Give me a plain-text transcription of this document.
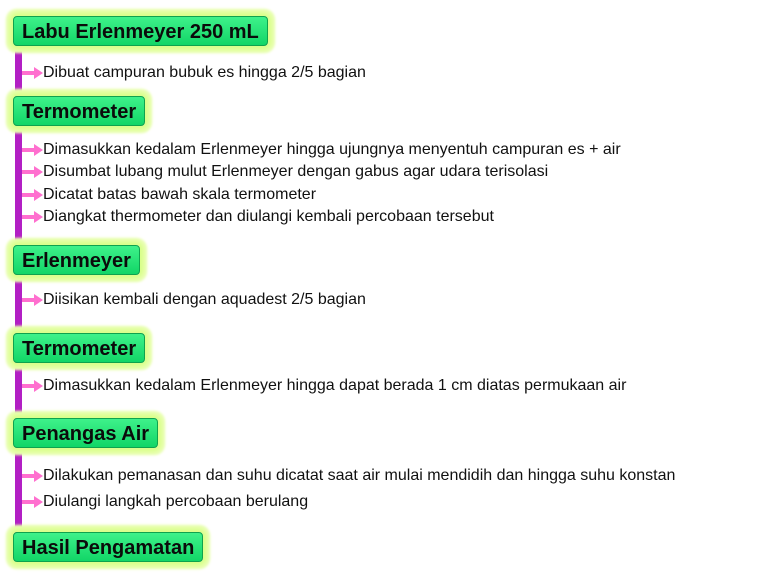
Labu Erlenmeyer 250 mL
Termometer
Erlenmeyer
Termometer
Penangas Air
Hasil Pengamatan
Dibuat campuran bubuk es hingga 2/5 bagian
Dimasukkan kedalam Erlenmeyer hingga ujungnya menyentuh campuran es + air
Disumbat lubang mulut Erlenmeyer dengan gabus agar udara terisolasi
Dicatat batas bawah skala termometer
Diangkat thermometer dan diulangi kembali percobaan tersebut
Diisikan kembali dengan aquadest 2/5 bagian
Dimasukkan kedalam Erlenmeyer hingga dapat berada 1 cm diatas permukaan air
Dilakukan pemanasan dan suhu dicatat saat air mulai mendidih dan hingga suhu konstan
Diulangi langkah percobaan berulang
